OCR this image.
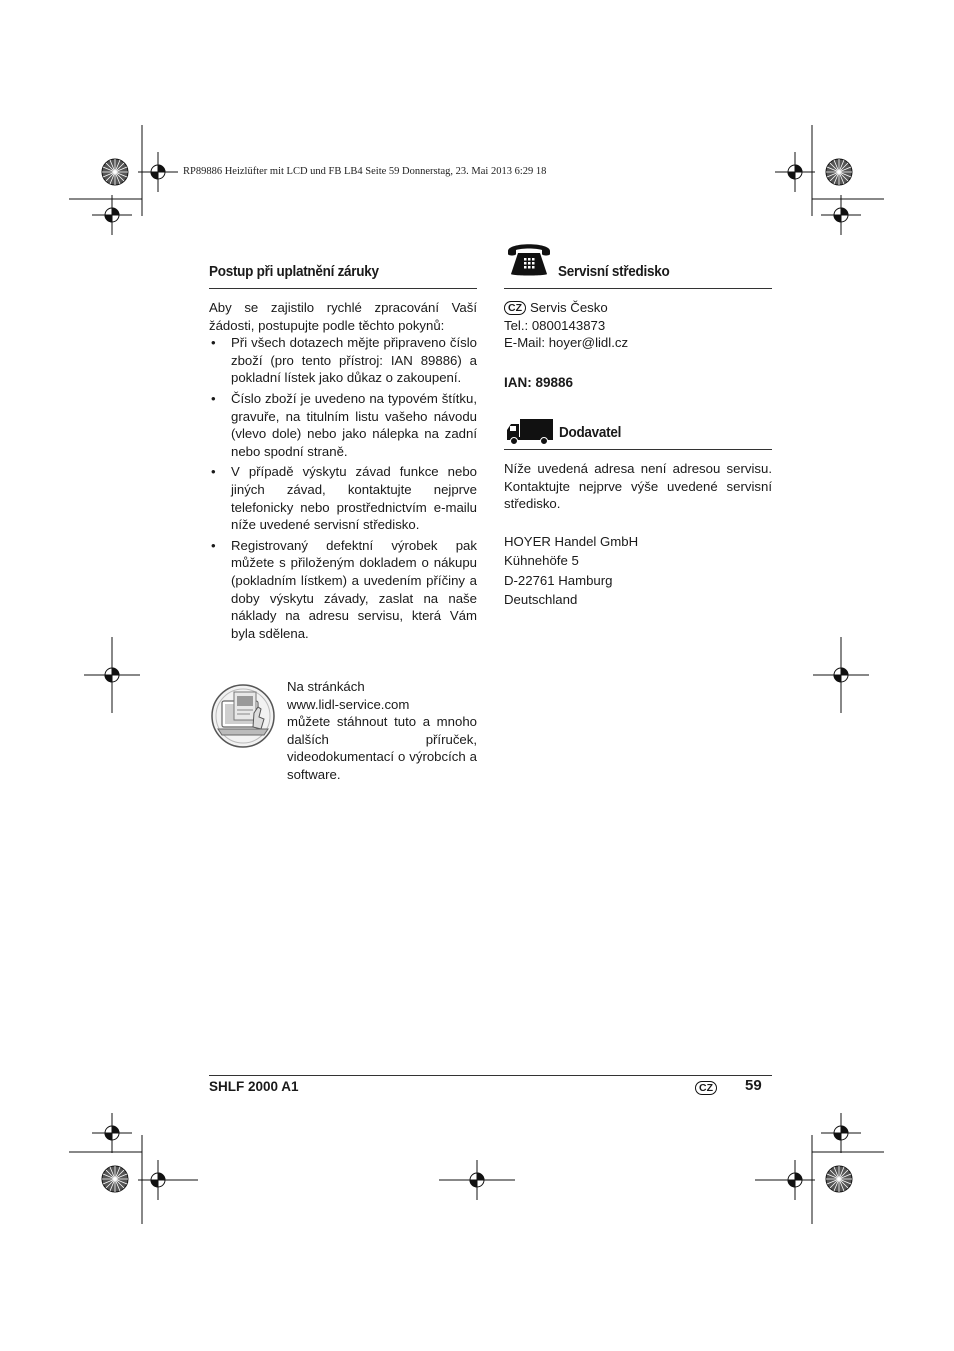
RP89886 Heizlüfter mit LCD und FB LB4 Seite 59 Donnerstag, 23. Mai 2013 6:29 18
Postup při uplatnění záruky
Aby se zajistilo rychlé zpracování Vaší žádosti, postupujte podle těchto pokynů:
• Při všech dotazech mějte připraveno číslo zboží (pro tento přístroj: IAN 89886) a pokladní lístek jako důkaz o zakoupení.
• Číslo zboží je uvedeno na typovém štítku, gravuře, na titulním listu vašeho návodu (vlevo dole) nebo jako nálepka na zadní nebo spodní straně.
• V případě výskytu závad funkce nebo jiných závad, kontaktujte nejprve telefonicky nebo prostřednictvím e-mailu níže uvedené servisní středisko.
• Registrovaný defektní výrobek pak můžete s přiloženým dokladem o nákupu (pokladním lístkem) a uvedením příčiny a doby výskytu závady, zaslat na naše náklady na adresu servisu, která Vám byla sdělena.
Na stránkách
www.lidl-service.com
můžete stáhnout tuto a mnoho dalších příruček, videodokumentací o výrobcích a software.
Servisní středisko
CZ Servis Česko
Tel.: 0800143873
E-Mail: hoyer@lidl.cz
IAN: 89886
Dodavatel
Níže uvedená adresa není adresou servisu. Kontaktujte nejprve výše uvedené servisní středisko.
HOYER Handel GmbH
Kühnehöfe 5
D-22761 Hamburg
Deutschland
SHLF 2000 A1	CZ 59
